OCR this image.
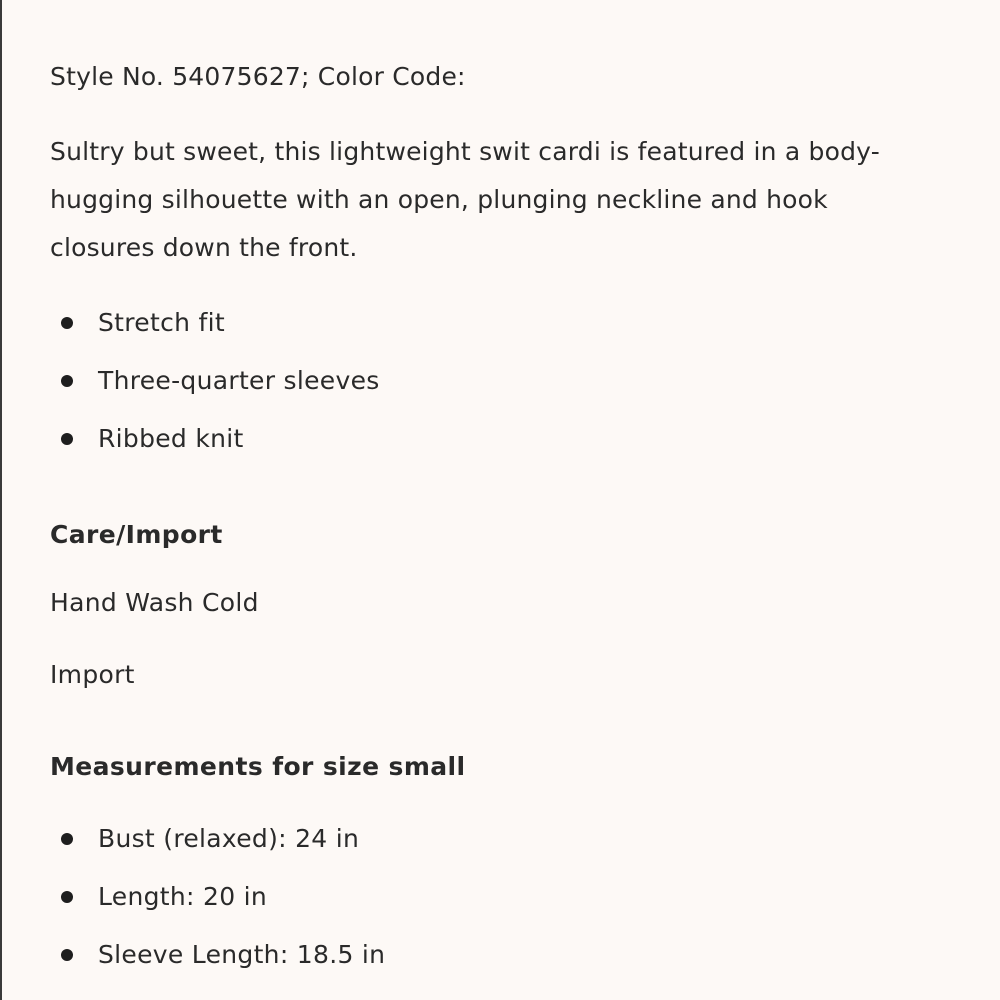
Style No. 54075627; Color Code:

Sultry but sweet, this lightweight swit cardi is featured in a body-hugging silhouette with an open, plunging neckline and hook closures down the front.

Stretch fit
Three-quarter sleeves
Ribbed knit
Care/Import
Hand Wash Cold
Import
Measurements for size small
Bust (relaxed): 24 in
Length: 20 in
Sleeve Length: 18.5 in
